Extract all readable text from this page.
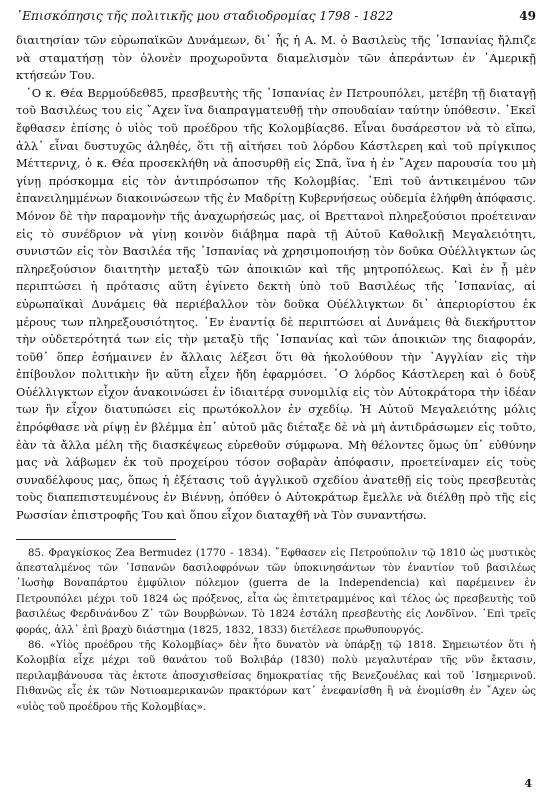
᾿Επισκόπησις τῆς πολιτικῆς μου σταδιοδρομίας 1798 - 1822	49

διαιτησίαν τῶν εὐρωπαϊκῶν Δυνάμεων, δι᾿ ἧς ἡ Α. Μ. ὁ Βασιλεὺς τῆς ῾Ισπανίας ἤλπιζε νὰ σταματήσῃ τὸν ὁλονὲν προχωροῦντα διαμελισμὸν τῶν ἀπεράντων ἐν ᾿Αμερικῇ κτήσεών Του.

῾Ο κ. Θέα Βερμούδεθ85, πρεσβευτὴς τῆς ῾Ισπανίας ἐν Πετρουπόλει, μετέβη τῇ διαταγῇ τοῦ Βασιλέως του εἰς ῎Αχεν ἵνα διαπραγματευθῇ τὴν σπουδαίαν ταύτην ὑπόθεσιν. ᾿Εκεῖ ἔφθασεν ἐπίσης ὁ υἱὸς τοῦ προέδρου τῆς Κολομβίας86. Εἶναι δυσάρεστον νὰ τὸ εἴπω, ἀλλ᾿ εἶναι δυστυχῶς ἀληθές, ὅτι τῇ αἰτήσει τοῦ λόρδου Κάστλερεη καὶ τοῦ πρίγκιπος Μέττερνιχ, ὁ κ. Θέα προσεκλήθη νὰ ἀποσυρθῇ εἰς Σπᾶ, ἵνα ἡ ἐν ῎Αχεν παρουσία του μὴ γίνῃ πρόσκομμα εἰς τὸν ἀντιπρόσωπον τῆς Κολομβίας. ᾿Επὶ τοῦ ἀντικειμένου τῶν ἐπανειλημμένων διακοινώσεων τῆς ἐν Μαδρίτῃ Κυβερνήσεως οὐδεμία ἐλήφθη ἀπόφασις. Μόνον δὲ τὴν παραμονὴν τῆς ἀναχωρήσεώς μας, οἱ Βρεττανοὶ πληρεξούσιοι προέτειναν εἰς τὸ συνέδριον νὰ γίνῃ κοινὸν διάβημα παρὰ τῇ Αὐτοῦ Καθολικῇ Μεγαλειότητι, συνιστῶν εἰς τὸν Βασιλέα τῆς ῾Ισπανίας νὰ χρησιμοποιήσῃ τὸν δοῦκα Οὐέλλιγκτων ὡς πληρεξούσιον διαιτητὴν μεταξὺ τῶν ἀποικιῶν καὶ τῆς μητροπόλεως. Καὶ ἐν ᾗ μὲν περιπτώσει ἡ πρότασις αὕτη ἐγίνετο δεκτὴ ὑπὸ τοῦ Βασιλέως τῆς ῾Ισπανίας, αἱ εὐρωπαϊκαὶ Δυνάμεις θὰ περιέβαλλον τὸν δοῦκα Οὐέλλιγκτων δι᾿ ἀπεριορίστου ἐκ μέρους των πληρεξουσιότητος. ᾿Εν ἐναντίᾳ δὲ περιπτώσει αἱ Δυνάμεις θὰ διεκήρυττον τὴν οὐδετερότητά των εἰς τὴν μεταξὺ τῆς ῾Ισπανίας καὶ τῶν ἀποικιῶν της διαφοράν, τοῦθ᾿ ὅπερ ἐσήμαινεν ἐν ἄλλαις λέξεσι ὅτι θὰ ἠκολούθουν τὴν ᾿Αγγλίαν εἰς τὴν ἐπίβουλον πολιτικὴν ἣν αὕτη εἶχεν ἤδη ἐφαρμόσει. ῾Ο λόρδος Κάστλερεη καὶ ὁ δοὺξ Οὐέλλιγκτων εἶχον ἀνακοινώσει ἐν ἰδιαιτέρᾳ συνομιλίᾳ εἰς τὸν Αὐτοκράτορα τὴν ἰδέαν των ἣν εἶχον διατυπώσει εἰς πρωτόκολλον ἐν σχεδίῳ. Ἡ Αὐτοῦ Μεγαλειότης μόλις ἐπρόφθασε νὰ ρίψῃ ἐν βλέμμα ἐπ᾿ αὐτοῦ μᾶς διέταξε δὲ νὰ μὴ ἀντιδράσωμεν εἰς τοῦτο, ἐὰν τὰ ἄλλα μέλη τῆς διασκέψεως εὑρεθοῦν σύμφωνα. Μὴ θέλοντες ὅμως ὑπ᾿ εὐθύνην μας νὰ λάβωμεν ἐκ τοῦ προχείρου τόσον σοβαρὰν ἀπόφασιν, προετείναμεν εἰς τοὺς συναδέλφους μας, ὅπως ἡ ἐξέτασις τοῦ ἀγγλικοῦ σχεδίου ἀνατεθῇ εἰς τοὺς πρεσβευτὰς τοὺς διαπεπιστευμένους ἐν Βιέννῃ, ὁπόθεν ὁ Αὐτοκράτωρ ἔμελλε νὰ διέλθῃ πρὸ τῆς εἰς Ρωσσίαν ἐπιστροφῆς Του καὶ ὅπου εἶχον διαταχθῆ νὰ Τὸν συναντήσω.

85. Φραγκίσκος Zea Bermudez (1770 - 1834). ῎Εφθασεν εἰς Πετρούπολιν τῷ 1810 ὡς μυστικὸς ἀπεσταλμένος τῶν ᾿Ισπανῶν δασιλοφρόνων τῶν ὑποκινησάντων τὸν ἐναντίον τοῦ βασιλέως ᾿Ιωσὴφ Βοναπάρτου ἐμφύλιον πόλεμον (guerra de la Independencia) καὶ παρέμεινεν ἐν Πετρουπόλει μέχρι τοῦ 1824 ὡς πρόξενος, εἶτα ὡς ἐπιτετραμμένος καὶ τέλος ὡς πρεσβευτὴς τοῦ βασιλέως Φερδινάνδου Ζ᾿ τῶν Βουρβώνων. Τὸ 1824 ἐστάλη πρεσβευτὴς εἰς Λονδῖνον. ᾿Επὶ τρεῖς φοράς, ἀλλ᾿ ἐπὶ βραχὺ διάστημα (1825, 1832, 1833) διετέλεσε πρωθυπουργός.

86. «Υἱὸς προέδρου τῆς Κολομβίας» δὲν ἦτο δυνατὸν νὰ ὑπάρξῃ τῷ 1818. Σημειωτέον ὅτι ἡ Κολομβία εἶχε μέχρι τοῦ θανάτου τοῦ Βολιβάρ (1830) πολὺ μεγαλυτέραν τῆς νῦν ἔκτασιν, περιλαμβάνουσα τὰς ἐκτοτε ἀποσχισθείσας δημοκρατίας τῆς Βενεζουέλας καὶ τοῦ ᾿Ισημερινοῦ. Πιθανῶς εἷς ἐκ τῶν Νοτιοαμερικανῶν πρακτόρων κατ᾿ ἐνεφανίσθη ἢ νὰ ἐνομίσθη ἐν ῎Αχεν ὡς «υἱὸς τοῦ προέδρου τῆς Κολομβίας».

4
